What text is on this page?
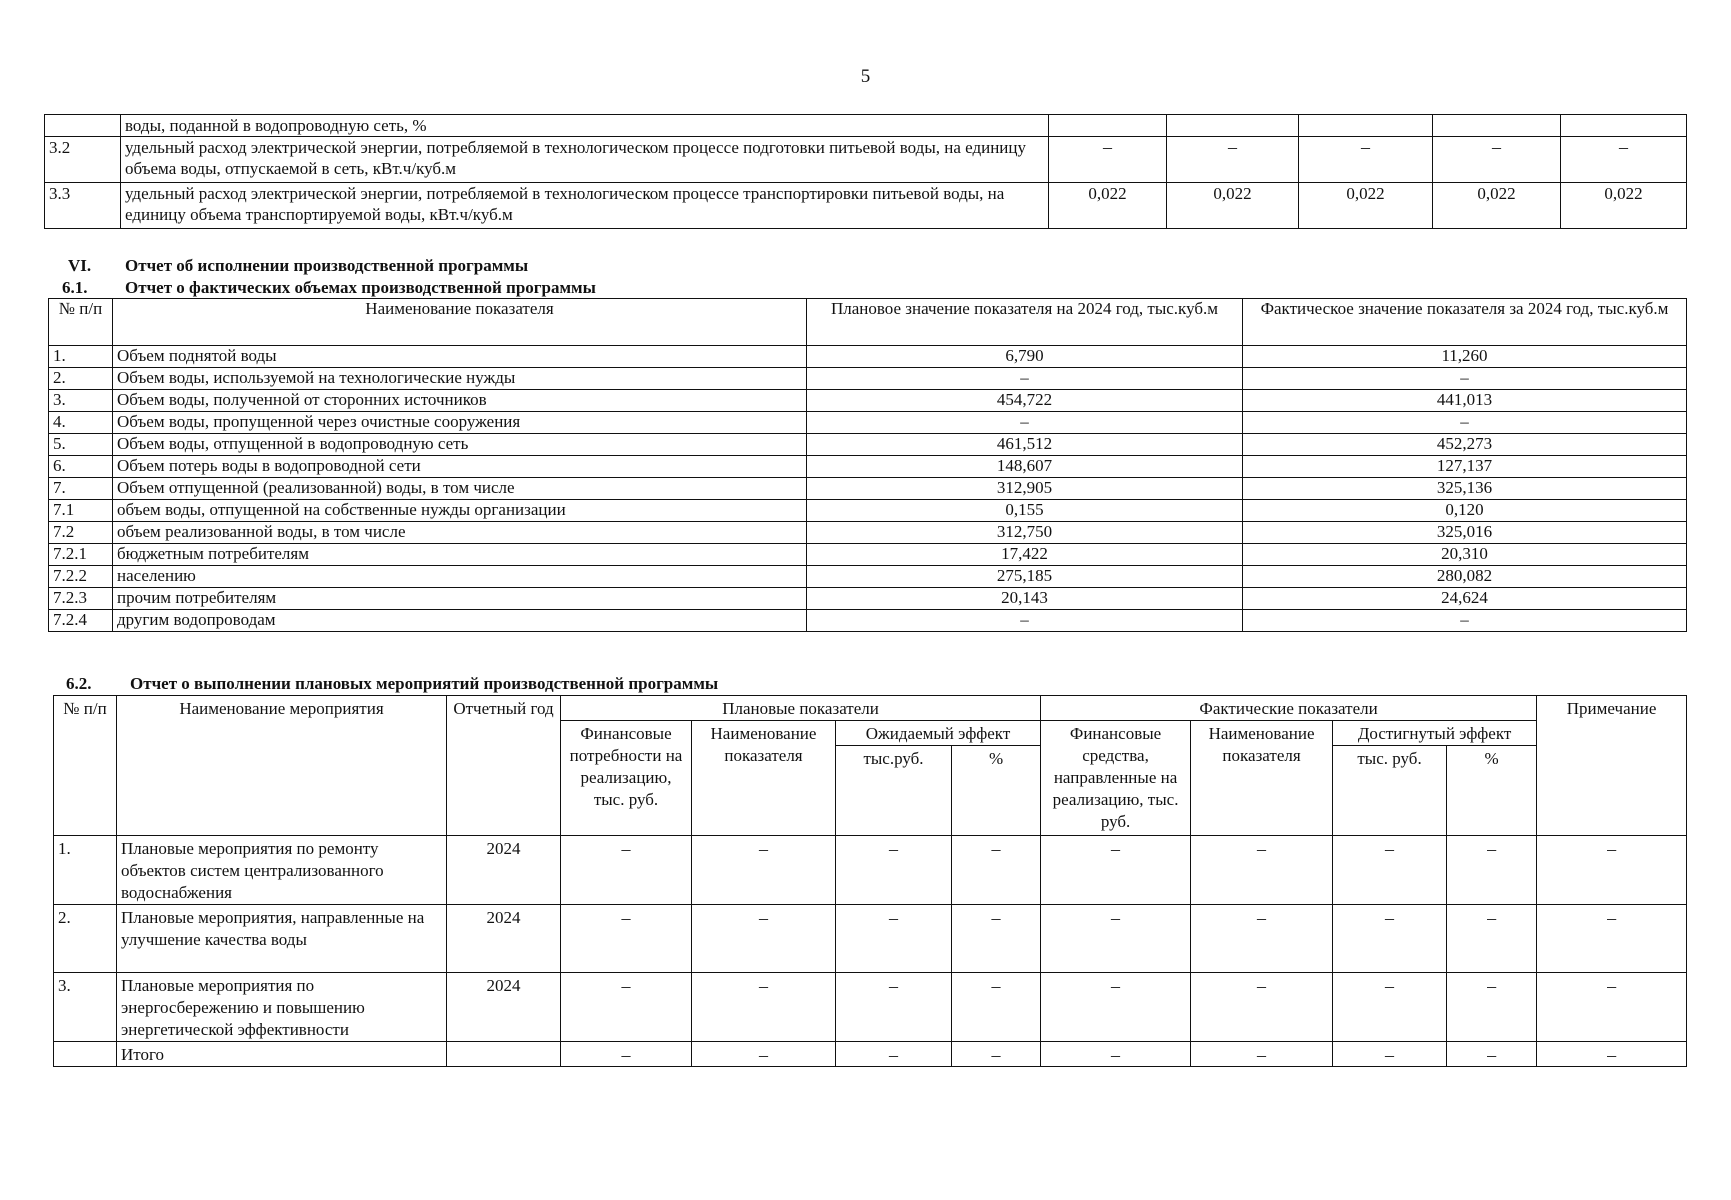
5
	воды, поданной в водопроводную сеть, %					
3.2	удельный расход электрической энергии, потребляемой в технологическом процессе подготовки питьевой воды, на единицу объема воды, отпускаемой в сеть, кВт.ч/куб.м	–	–	–	–	–
3.3	удельный расход электрической энергии, потребляемой в технологическом процессе транспортировки питьевой воды, на единицу объема транспортируемой воды, кВт.ч/куб.м	0,022	0,022	0,022	0,022	0,022
VI. Отчет об исполнении производственной программы
6.1. Отчет о фактических объемах производственной программы
№ п/п	Наименование показателя	Плановое значение показателя на 2024 год, тыс.куб.м	Фактическое значение показателя за 2024 год, тыс.куб.м
1.	Объем поднятой воды	6,790	11,260
2.	Объем воды, используемой на технологические нужды	–	–
3.	Объем воды, полученной от сторонних источников	454,722	441,013
4.	Объем воды, пропущенной через очистные сооружения	–	–
5.	Объем воды, отпущенной в водопроводную сеть	461,512	452,273
6.	Объем потерь воды в водопроводной сети	148,607	127,137
7.	Объем отпущенной (реализованной) воды, в том числе	312,905	325,136
7.1	объем воды, отпущенной на собственные нужды организации	0,155	0,120
7.2	объем реализованной воды, в том числе	312,750	325,016
7.2.1	бюджетным потребителям	17,422	20,310
7.2.2	населению	275,185	280,082
7.2.3	прочим потребителям	20,143	24,624
7.2.4	другим водопроводам	–	–
6.2. Отчет о выполнении плановых мероприятий производственной программы
№ п/п	Наименование мероприятия	Отчетный год	Плановые показатели				Фактические показатели				Примечание
			Финансовые потребности на реализацию, тыс. руб.	Наименование показателя	Ожидаемый эффект		Финансовые средства, направленные на реализацию, тыс. руб.	Наименование показателя	Достигнутый эффект		
					тыс.руб.	%			тыс. руб.	%	
1.	Плановые мероприятия по ремонту объектов систем централизованного водоснабжения	2024	–	–	–	–	–	–	–	–	–
2.	Плановые мероприятия, направленные на улучшение качества воды	2024	–	–	–	–	–	–	–	–	–
3.	Плановые мероприятия по энергосбережению и повышению энергетической эффективности	2024	–	–	–	–	–	–	–	–	–
	Итого		–	–	–	–	–	–	–	–	–
